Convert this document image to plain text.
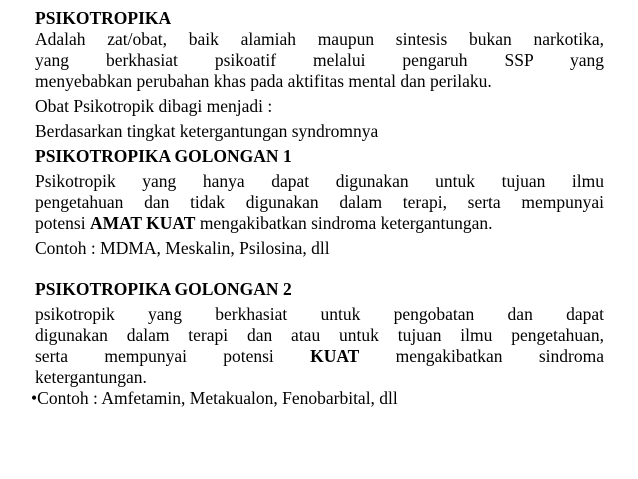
PSIKOTROPIKA

Adalah zat/obat, baik alamiah maupun sintesis bukan narkotika,
yang berkhasiat psikoatif melalui pengaruh SSP yang
menyebabkan perubahan khas pada aktifitas mental dan perilaku.

Obat Psikotropik dibagi menjadi :

Berdasarkan tingkat ketergantungan syndromnya

PSIKOTROPIKA GOLONGAN 1

Psikotropik yang hanya dapat digunakan untuk tujuan ilmu
pengetahuan dan tidak digunakan dalam terapi, serta mempunyai
potensi AMAT KUAT mengakibatkan sindroma ketergantungan.

Contoh : MDMA, Meskalin, Psilosina, dll

PSIKOTROPIKA GOLONGAN 2

psikotropik yang berkhasiat untuk pengobatan dan dapat
digunakan dalam terapi dan atau untuk tujuan ilmu pengetahuan,
serta mempunyai potensi KUAT mengakibatkan sindroma
ketergantungan.

•Contoh : Amfetamin, Metakualon, Fenobarbital, dll
